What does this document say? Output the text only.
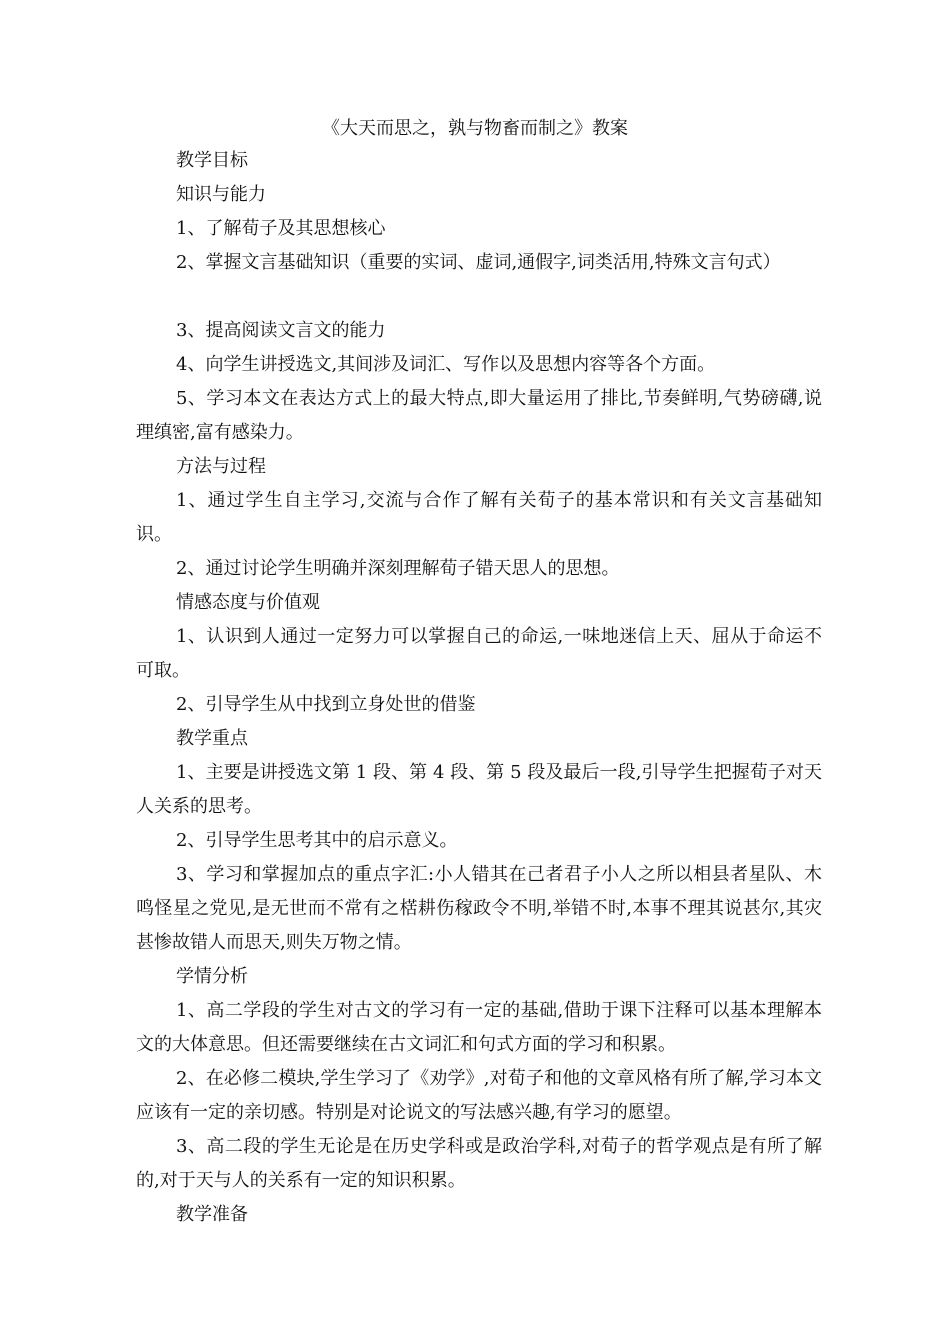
《大天而思之，孰与物畜而制之》教案

教学目标

知识与能力

1、了解荀子及其思想核心

2、掌握文言基础知识（重要的实词、虚词,通假字,词类活用,特殊文言句式）

3、提高阅读文言文的能力

4、向学生讲授选文,其间涉及词汇、写作以及思想内容等各个方面。

5、学习本文在表达方式上的最大特点,即大量运用了排比,节奏鲜明,气势磅礴,说理缜密,富有感染力。

方法与过程

1、通过学生自主学习,交流与合作了解有关荀子的基本常识和有关文言基础知识。

2、通过讨论学生明确并深刻理解荀子错天思人的思想。

情感态度与价值观

1、认识到人通过一定努力可以掌握自己的命运,一味地迷信上天、屈从于命运不可取。

2、引导学生从中找到立身处世的借鉴

教学重点

1、主要是讲授选文第 1 段、第 4 段、第 5 段及最后一段,引导学生把握荀子对天人关系的思考。

2、引导学生思考其中的启示意义。

3、学习和掌握加点的重点字汇:小人错其在己者君子小人之所以相县者星队、木鸣怪星之党见,是无世而不常有之楛耕伤稼政令不明,举错不时,本事不理其说甚尔,其灾甚惨故错人而思天,则失万物之情。

学情分析

1、高二学段的学生对古文的学习有一定的基础,借助于课下注释可以基本理解本文的大体意思。但还需要继续在古文词汇和句式方面的学习和积累。

2、在必修二模块,学生学习了《劝学》,对荀子和他的文章风格有所了解,学习本文应该有一定的亲切感。特别是对论说文的写法感兴趣,有学习的愿望。

3、高二段的学生无论是在历史学科或是政治学科,对荀子的哲学观点是有所了解的,对于天与人的关系有一定的知识积累。

教学准备
